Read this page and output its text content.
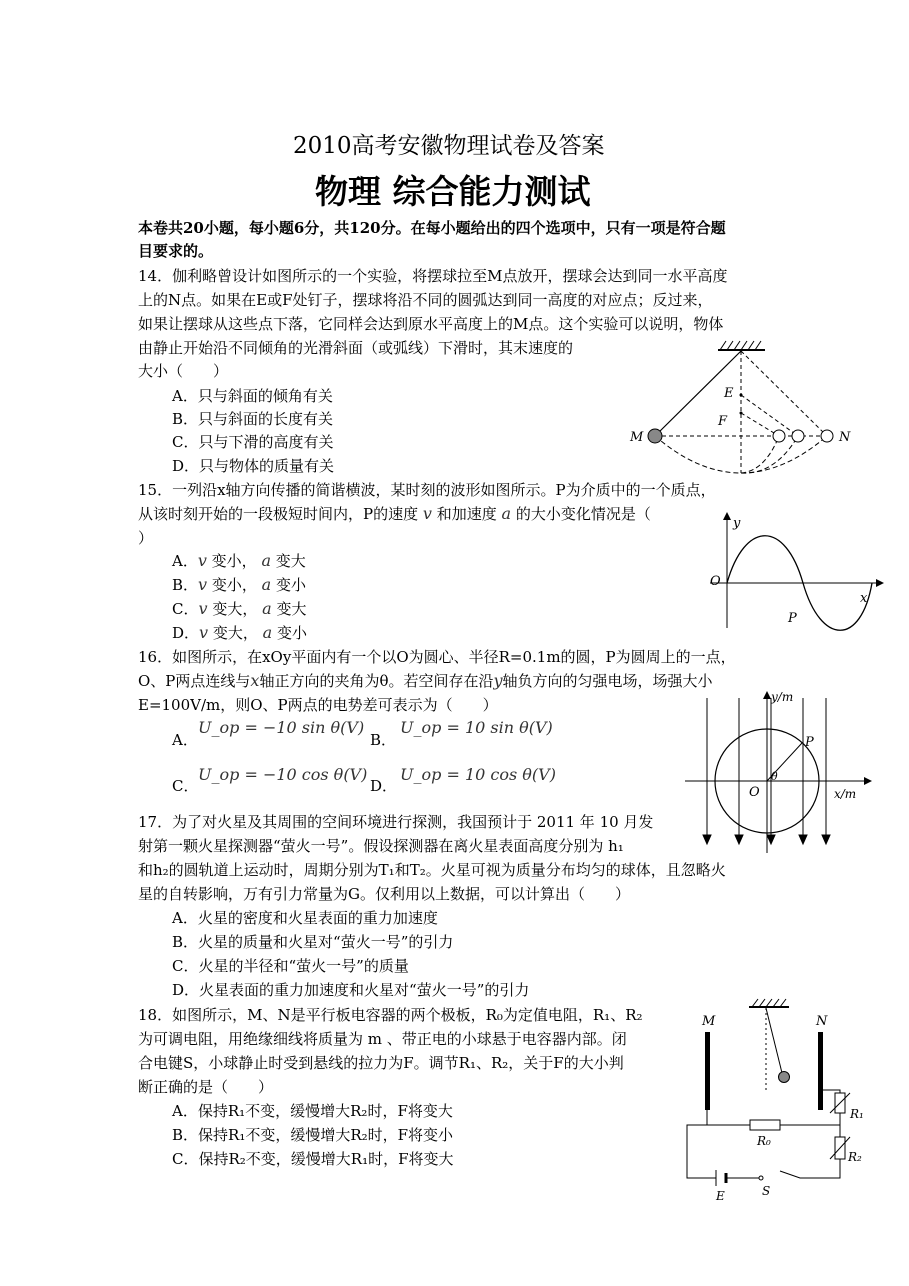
2010高考安徽物理试卷及答案
物理 综合能力测试
本卷共20小题，每小题6分，共120分。在每小题给出的四个选项中，只有一项是符合题
目要求的。
14．伽利略曾设计如图所示的一个实验，将摆球拉至M点放开，摆球会达到同一水平高度
上的N点。如果在E或F处钉子，摆球将沿不同的圆弧达到同一高度的对应点；反过来，
如果让摆球从这些点下落，它同样会达到原水平高度上的M点。这个实验可以说明，物体
由静止开始沿不同倾角的光滑斜面（或弧线）下滑时，其末速度的
大小（　　）
A．只与斜面的倾角有关
B．只与斜面的长度有关
C．只与下滑的高度有关
D．只与物体的质量有关
E
F
M	N
15．一列沿x轴方向传播的简谐横波，某时刻的波形如图所示。P为介质中的一个质点，
从该时刻开始的一段极短时间内，P的速度 v 和加速度 a 的大小变化情况是（
）
A．v 变小， a 变大
B．v 变小， a 变小
C．v 变大， a 变大
D．v 变大， a 变小
y
O
x
P
16．如图所示，在xOy平面内有一个以O为圆心、半径R=0.1m的圆，P为圆周上的一点，
O、P两点连线与x轴正方向的夹角为θ。若空间存在沿y轴负方向的匀强电场，场强大小
E=100V/m，则O、P两点的电势差可表示为（　　）
A．
U_op = −10 sin θ(V)
B．
U_op = 10 sin θ(V)
C．
U_op = −10 cos θ(V)
D．
U_op = 10 cos θ(V)
y/m
x/m
O
P
θ
17．为了对火星及其周围的空间环境进行探测，我国预计于 2011 年 10 月发
射第一颗火星探测器“萤火一号”。假设探测器在离火星表面高度分别为 h₁
和h₂的圆轨道上运动时，周期分别为T₁和T₂。火星可视为质量分布均匀的球体，且忽略火
星的自转影响，万有引力常量为G。仅利用以上数据，可以计算出（　　）
A．火星的密度和火星表面的重力加速度
B．火星的质量和火星对“萤火一号”的引力
C．火星的半径和“萤火一号”的质量
D．火星表面的重力加速度和火星对“萤火一号”的引力
18．如图所示，M、N是平行板电容器的两个极板，R₀为定值电阻，R₁、R₂
为可调电阻，用绝缘细线将质量为 m 、带正电的小球悬于电容器内部。闭
合电键S，小球静止时受到悬线的拉力为F。调节R₁、R₂，关于F的大小判
断正确的是（　　）
A．保持R₁不变，缓慢增大R₂时，F将变大
B．保持R₁不变，缓慢增大R₂时，F将变小
C．保持R₂不变，缓慢增大R₁时，F将变大
M	N
R₁
R₀
R₂
E	S
